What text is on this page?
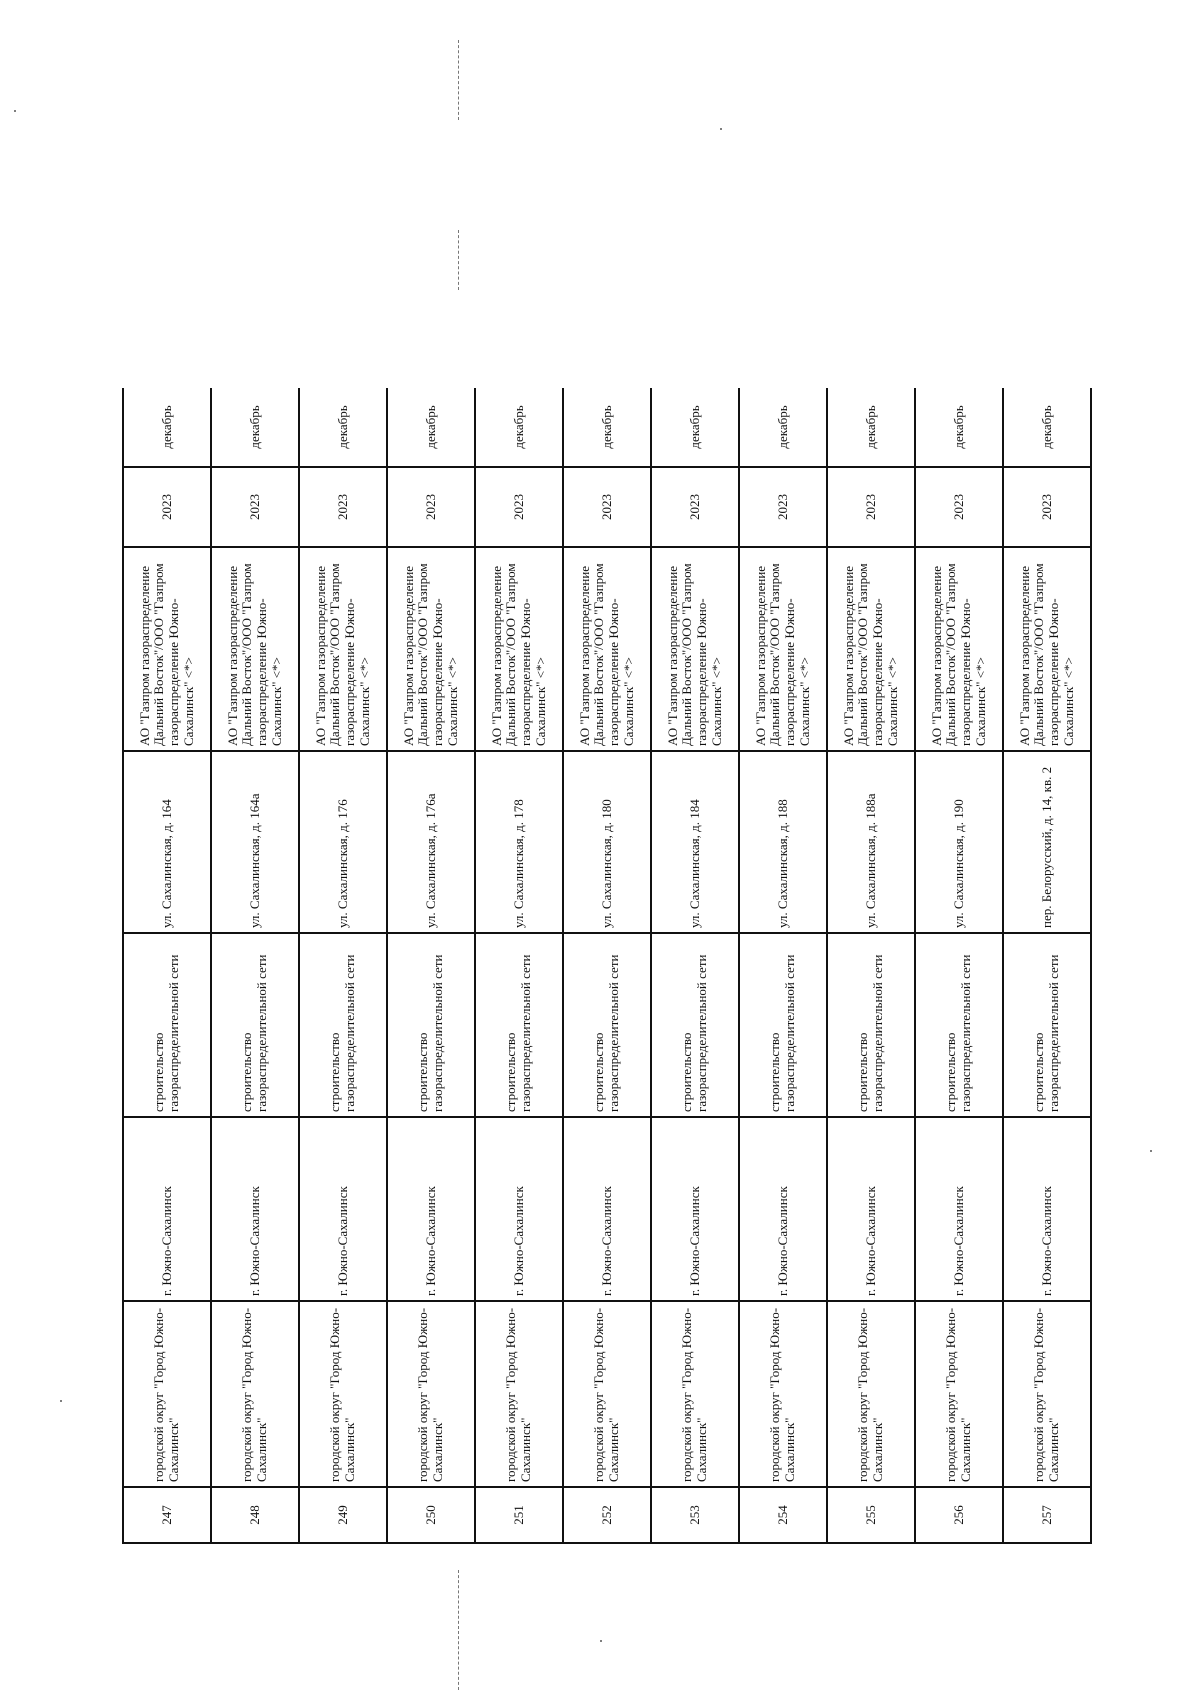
247	городской округ "Город Южно-Сахалинск"	г. Южно-Сахалинск	строительство газораспределительной сети	ул. Сахалинская, д. 164	АО "Газпром газораспределение Дальний Восток"/ООО "Газпром газораспределение Южно-Сахалинск" <*>	2023	декабрь
248	городской округ "Город Южно-Сахалинск"	г. Южно-Сахалинск	строительство газораспределительной сети	ул. Сахалинская, д. 164а	АО "Газпром газораспределение Дальний Восток"/ООО "Газпром газораспределение Южно-Сахалинск" <*>	2023	декабрь
249	городской округ "Город Южно-Сахалинск"	г. Южно-Сахалинск	строительство газораспределительной сети	ул. Сахалинская, д. 176	АО "Газпром газораспределение Дальний Восток"/ООО "Газпром газораспределение Южно-Сахалинск" <*>	2023	декабрь
250	городской округ "Город Южно-Сахалинск"	г. Южно-Сахалинск	строительство газораспределительной сети	ул. Сахалинская, д. 176а	АО "Газпром газораспределение Дальний Восток"/ООО "Газпром газораспределение Южно-Сахалинск" <*>	2023	декабрь
251	городской округ "Город Южно-Сахалинск"	г. Южно-Сахалинск	строительство газораспределительной сети	ул. Сахалинская, д. 178	АО "Газпром газораспределение Дальний Восток"/ООО "Газпром газораспределение Южно-Сахалинск" <*>	2023	декабрь
252	городской округ "Город Южно-Сахалинск"	г. Южно-Сахалинск	строительство газораспределительной сети	ул. Сахалинская, д. 180	АО "Газпром газораспределение Дальний Восток"/ООО "Газпром газораспределение Южно-Сахалинск" <*>	2023	декабрь
253	городской округ "Город Южно-Сахалинск"	г. Южно-Сахалинск	строительство газораспределительной сети	ул. Сахалинская, д. 184	АО "Газпром газораспределение Дальний Восток"/ООО "Газпром газораспределение Южно-Сахалинск" <*>	2023	декабрь
254	городской округ "Город Южно-Сахалинск"	г. Южно-Сахалинск	строительство газораспределительной сети	ул. Сахалинская, д. 188	АО "Газпром газораспределение Дальний Восток"/ООО "Газпром газораспределение Южно-Сахалинск" <*>	2023	декабрь
255	городской округ "Город Южно-Сахалинск"	г. Южно-Сахалинск	строительство газораспределительной сети	ул. Сахалинская, д. 188а	АО "Газпром газораспределение Дальний Восток"/ООО "Газпром газораспределение Южно-Сахалинск" <*>	2023	декабрь
256	городской округ "Город Южно-Сахалинск"	г. Южно-Сахалинск	строительство газораспределительной сети	ул. Сахалинская, д. 190	АО "Газпром газораспределение Дальний Восток"/ООО "Газпром газораспределение Южно-Сахалинск" <*>	2023	декабрь
257	городской округ "Город Южно-Сахалинск"	г. Южно-Сахалинск	строительство газораспределительной сети	пер. Белорусский, д. 14, кв. 2	АО "Газпром газораспределение Дальний Восток"/ООО "Газпром газораспределение Южно-Сахалинск" <*>	2023	декабрь
